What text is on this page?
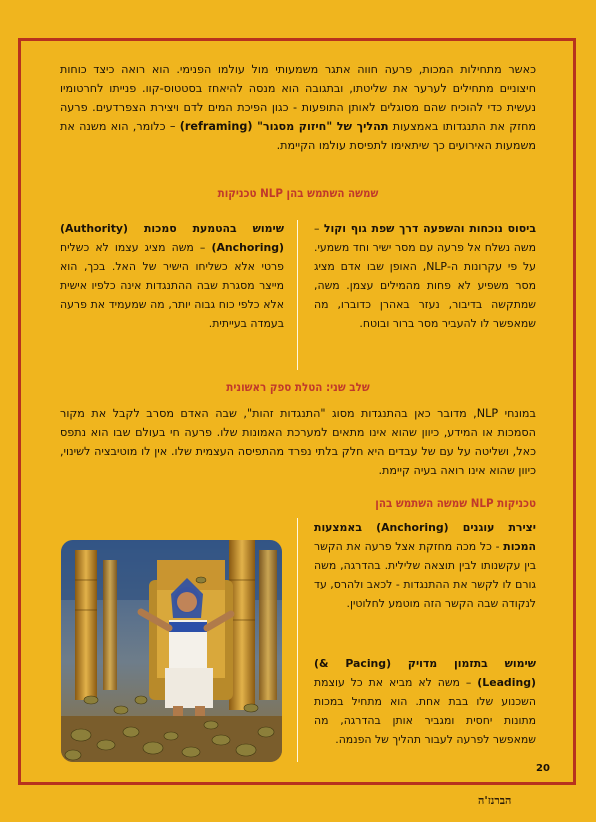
כאשר מתחילות המכות, פרעה חווה אתגר משמעותי מול עולמו הפנימי. הוא רואה כיצד כוחות חיצוניים מתחילים לערער את שליטתו, ובתגובה הוא מנסה להיאחז בסטטוס-קוו. פנייתו לחרטומיו נעשית כדי להוכיח שהם מסוגלים לאותן התופעות - כגון הפיכת המים לדם ויצירת הצפרדעים. פרעה מחזק את התנגדותו באמצעות תהליך של "חיזוק מסגור" (reframing) – כלומר, הוא משנה את משמעות האירועים כך שיתאימו לתפיסת עולמו הקיימת.
טכניקות NLP שמשה השתמש בהן
ביסוס נוכחות והשפעה דרך שפת גוף וקול – משה נשלח אל פרעה עם מסר ישיר וחד משמעי. על פי עקרונות ה-NLP, האופן שבו אדם מציג מסר משפיע לא פחות מהמילים עצמן. משה, שמתקשה בדיבור, נעזר באהרן כדוברו, מה שמאפשר לו להעביר מסר ברור ובוטח.
שימוש בהטמעת סמכות (Authority) (Anchoring) – משה מציג עצמו לא כשליח פרטי אלא כשליחו הישיר של האל. בכך, הוא מייצר מסגרת שבה ההתנגדות אינה כלפיו אישית אלא כלפי כוח גבוה יותר, מה שמעמיד את פרעה בעמדה בעייתית.
שלב שני: הטלת ספק ראשונית
במונחי NLP, מדובר כאן בהתנגדות מסוג "התנגדות זהות", שבה האדם מסרב לקבל את מקור הסמכות או המידע, כיוון שהוא אינו מתאים למערכת האמונות שלו. פרעה חי בעולם שבו הוא נתפס כאל, ושליטה על עם של עבדים היא חלק בלתי נפרד מהתפיסה העצמית שלו. אין לו מוטיבציה לשינוי, כיוון שהוא אינו רואה בעיה קיימת.
טכניקות NLP שמשה השתמש בהן
יצירת עוגנים (Anchoring) באמצעות המכות - כל מכה מחזקת אצל פרעה את הקשר בין עקשנותו לבין תוצאה שלילית. בהדרגה, משה גורם לו לקשר את ההתנגדות - לכאב ולהרס, עד לנקודה שבה הקשר הזה מוטמע לחלוטין.
שימוש בתזמון מדויק (Pacing &) (Leading) – משה לא מביא את כל עוצמת השכנוע שלו בבת אחת. הוא מתחיל במכות מתונות יחסית ומגביר אותן בהדרגה, מה שמאפשר לפרעה לעבור תהליך של הפנמה.
20
הברנז'ה
